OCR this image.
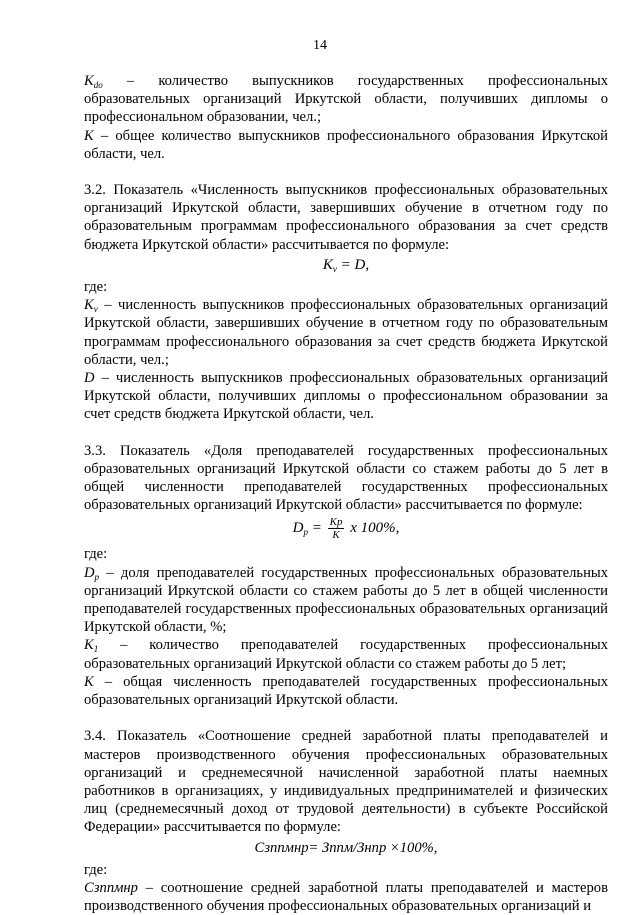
14

$K_{do}$ – количество выпускников государственных профессиональных образовательных организаций Иркутской области, получивших дипломы о профессиональном образовании, чел.;

K – общее количество выпускников профессионального образования Иркутской области, чел.

3.2. Показатель «Численность выпускников профессиональных образовательных организаций Иркутской области, завершивших обучение в отчетном году по образовательным программам профессионального образования за счет средств бюджета Иркутской области» рассчитывается по формуле:

$K_v = D$,

где:

$K_v$ – численность выпускников профессиональных образовательных организаций Иркутской области, завершивших обучение в отчетном году по образовательным программам профессионального образования за счет средств бюджета Иркутской области, чел.;

D – численность выпускников профессиональных образовательных организаций Иркутской области, получивших дипломы о профессиональном образовании за счет средств бюджета Иркутской области, чел.

3.3. Показатель «Доля преподавателей государственных профессиональных образовательных организаций Иркутской области со стажем работы до 5 лет в общей численности преподавателей государственных профессиональных образовательных организаций Иркутской области» рассчитывается по формуле:

$D_p = \frac{Kp}{K}$ x 100%,

где:

$D_p$ – доля преподавателей государственных профессиональных образовательных организаций Иркутской области со стажем работы до 5 лет в общей численности преподавателей государственных профессиональных образовательных организаций Иркутской области, %;

$K_1$ – количество преподавателей государственных профессиональных образовательных организаций Иркутской области со стажем работы до 5 лет;

K – общая численность преподавателей государственных профессиональных образовательных организаций Иркутской области.

3.4. Показатель «Соотношение средней заработной платы преподавателей и мастеров производственного обучения профессиональных образовательных организаций и среднемесячной начисленной заработной платы наемных работников в организациях, у индивидуальных предпринимателей и физических лиц (среднемесячный доход от трудовой деятельности) в субъекте Российской Федерации» рассчитывается по формуле:

Сзппмнр= Зппм/Знпр ×100%,

где:

Сзппмнр – соотношение средней заработной платы преподавателей и мастеров производственного обучения профессиональных образовательных организаций и
